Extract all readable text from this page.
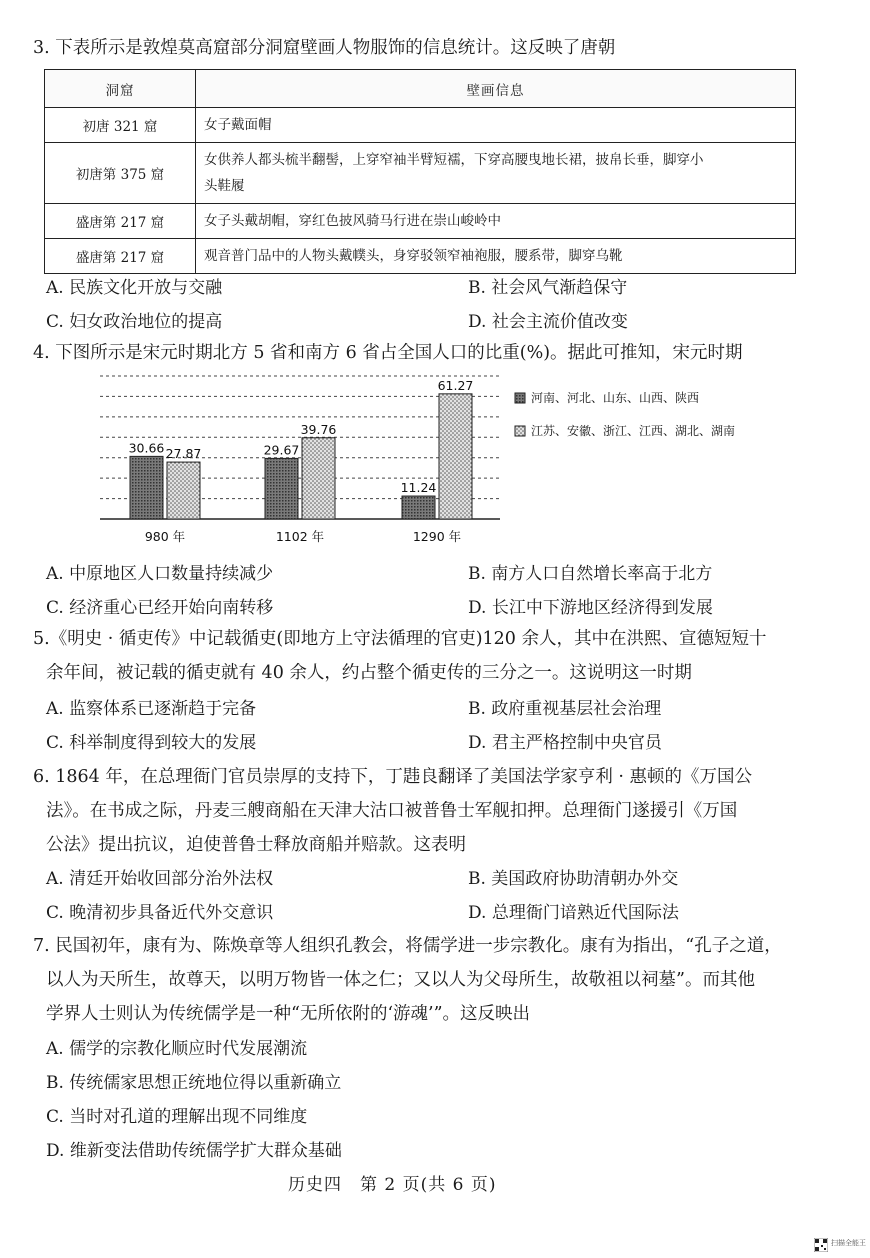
3. 下表所示是敦煌莫高窟部分洞窟壁画人物服饰的信息统计。这反映了唐朝
洞窟	壁画信息
初唐 321 窟	女子戴面帽
初唐第 375 窟	女供养人都头梳半翻髻，上穿窄袖半臂短襦，下穿高腰曳地长裙，披帛长垂，脚穿小
头鞋履
盛唐第 217 窟	女子头戴胡帽，穿红色披风骑马行进在崇山峻岭中
盛唐第 217 窟	观音普门品中的人物头戴幞头，身穿驳领窄袖袍服，腰系带，脚穿乌靴
A. 民族文化开放与交融	B. 社会风气渐趋保守
C. 妇女政治地位的提高	D. 社会主流价值改变
4. 下图所示是宋元时期北方 5 省和南方 6 省占全国人口的比重(%)。据此可推知，宋元时期
30.66 27.87
980 年
29.67
39.76
1102 年
11.24
61.27
1290 年
河南、河北、山东、山西、陕西
江苏、安徽、浙江、江西、湖北、湖南
A. 中原地区人口数量持续减少	B. 南方人口自然增长率高于北方
C. 经济重心已经开始向南转移	D. 长江中下游地区经济得到发展
5.《明史 · 循吏传》中记载循吏(即地方上守法循理的官吏)120 余人，其中在洪熙、宣德短短十
余年间，被记载的循吏就有 40 余人，约占整个循吏传的三分之一。这说明这一时期
A. 监察体系已逐渐趋于完备	B. 政府重视基层社会治理
C. 科举制度得到较大的发展	D. 君主严格控制中央官员
6. 1864 年，在总理衙门官员崇厚的支持下，丁韪良翻译了美国法学家亨利 · 惠顿的《万国公
法》。在书成之际，丹麦三艘商船在天津大沽口被普鲁士军舰扣押。总理衙门遂援引《万国
公法》提出抗议，迫使普鲁士释放商船并赔款。这表明
A. 清廷开始收回部分治外法权	B. 美国政府协助清朝办外交
C. 晚清初步具备近代外交意识	D. 总理衙门谙熟近代国际法
7. 民国初年，康有为、陈焕章等人组织孔教会，将儒学进一步宗教化。康有为指出，“孔子之道，
以人为天所生，故尊天，以明万物皆一体之仁；又以人为父母所生，故敬祖以祠墓”。而其他
学界人士则认为传统儒学是一种“无所依附的‘游魂’”。这反映出
A. 儒学的宗教化顺应时代发展潮流
B. 传统儒家思想正统地位得以重新确立
C. 当时对孔道的理解出现不同维度
D. 维新变法借助传统儒学扩大群众基础
历史四　第 2 页(共 6 页)
扫描全能王
